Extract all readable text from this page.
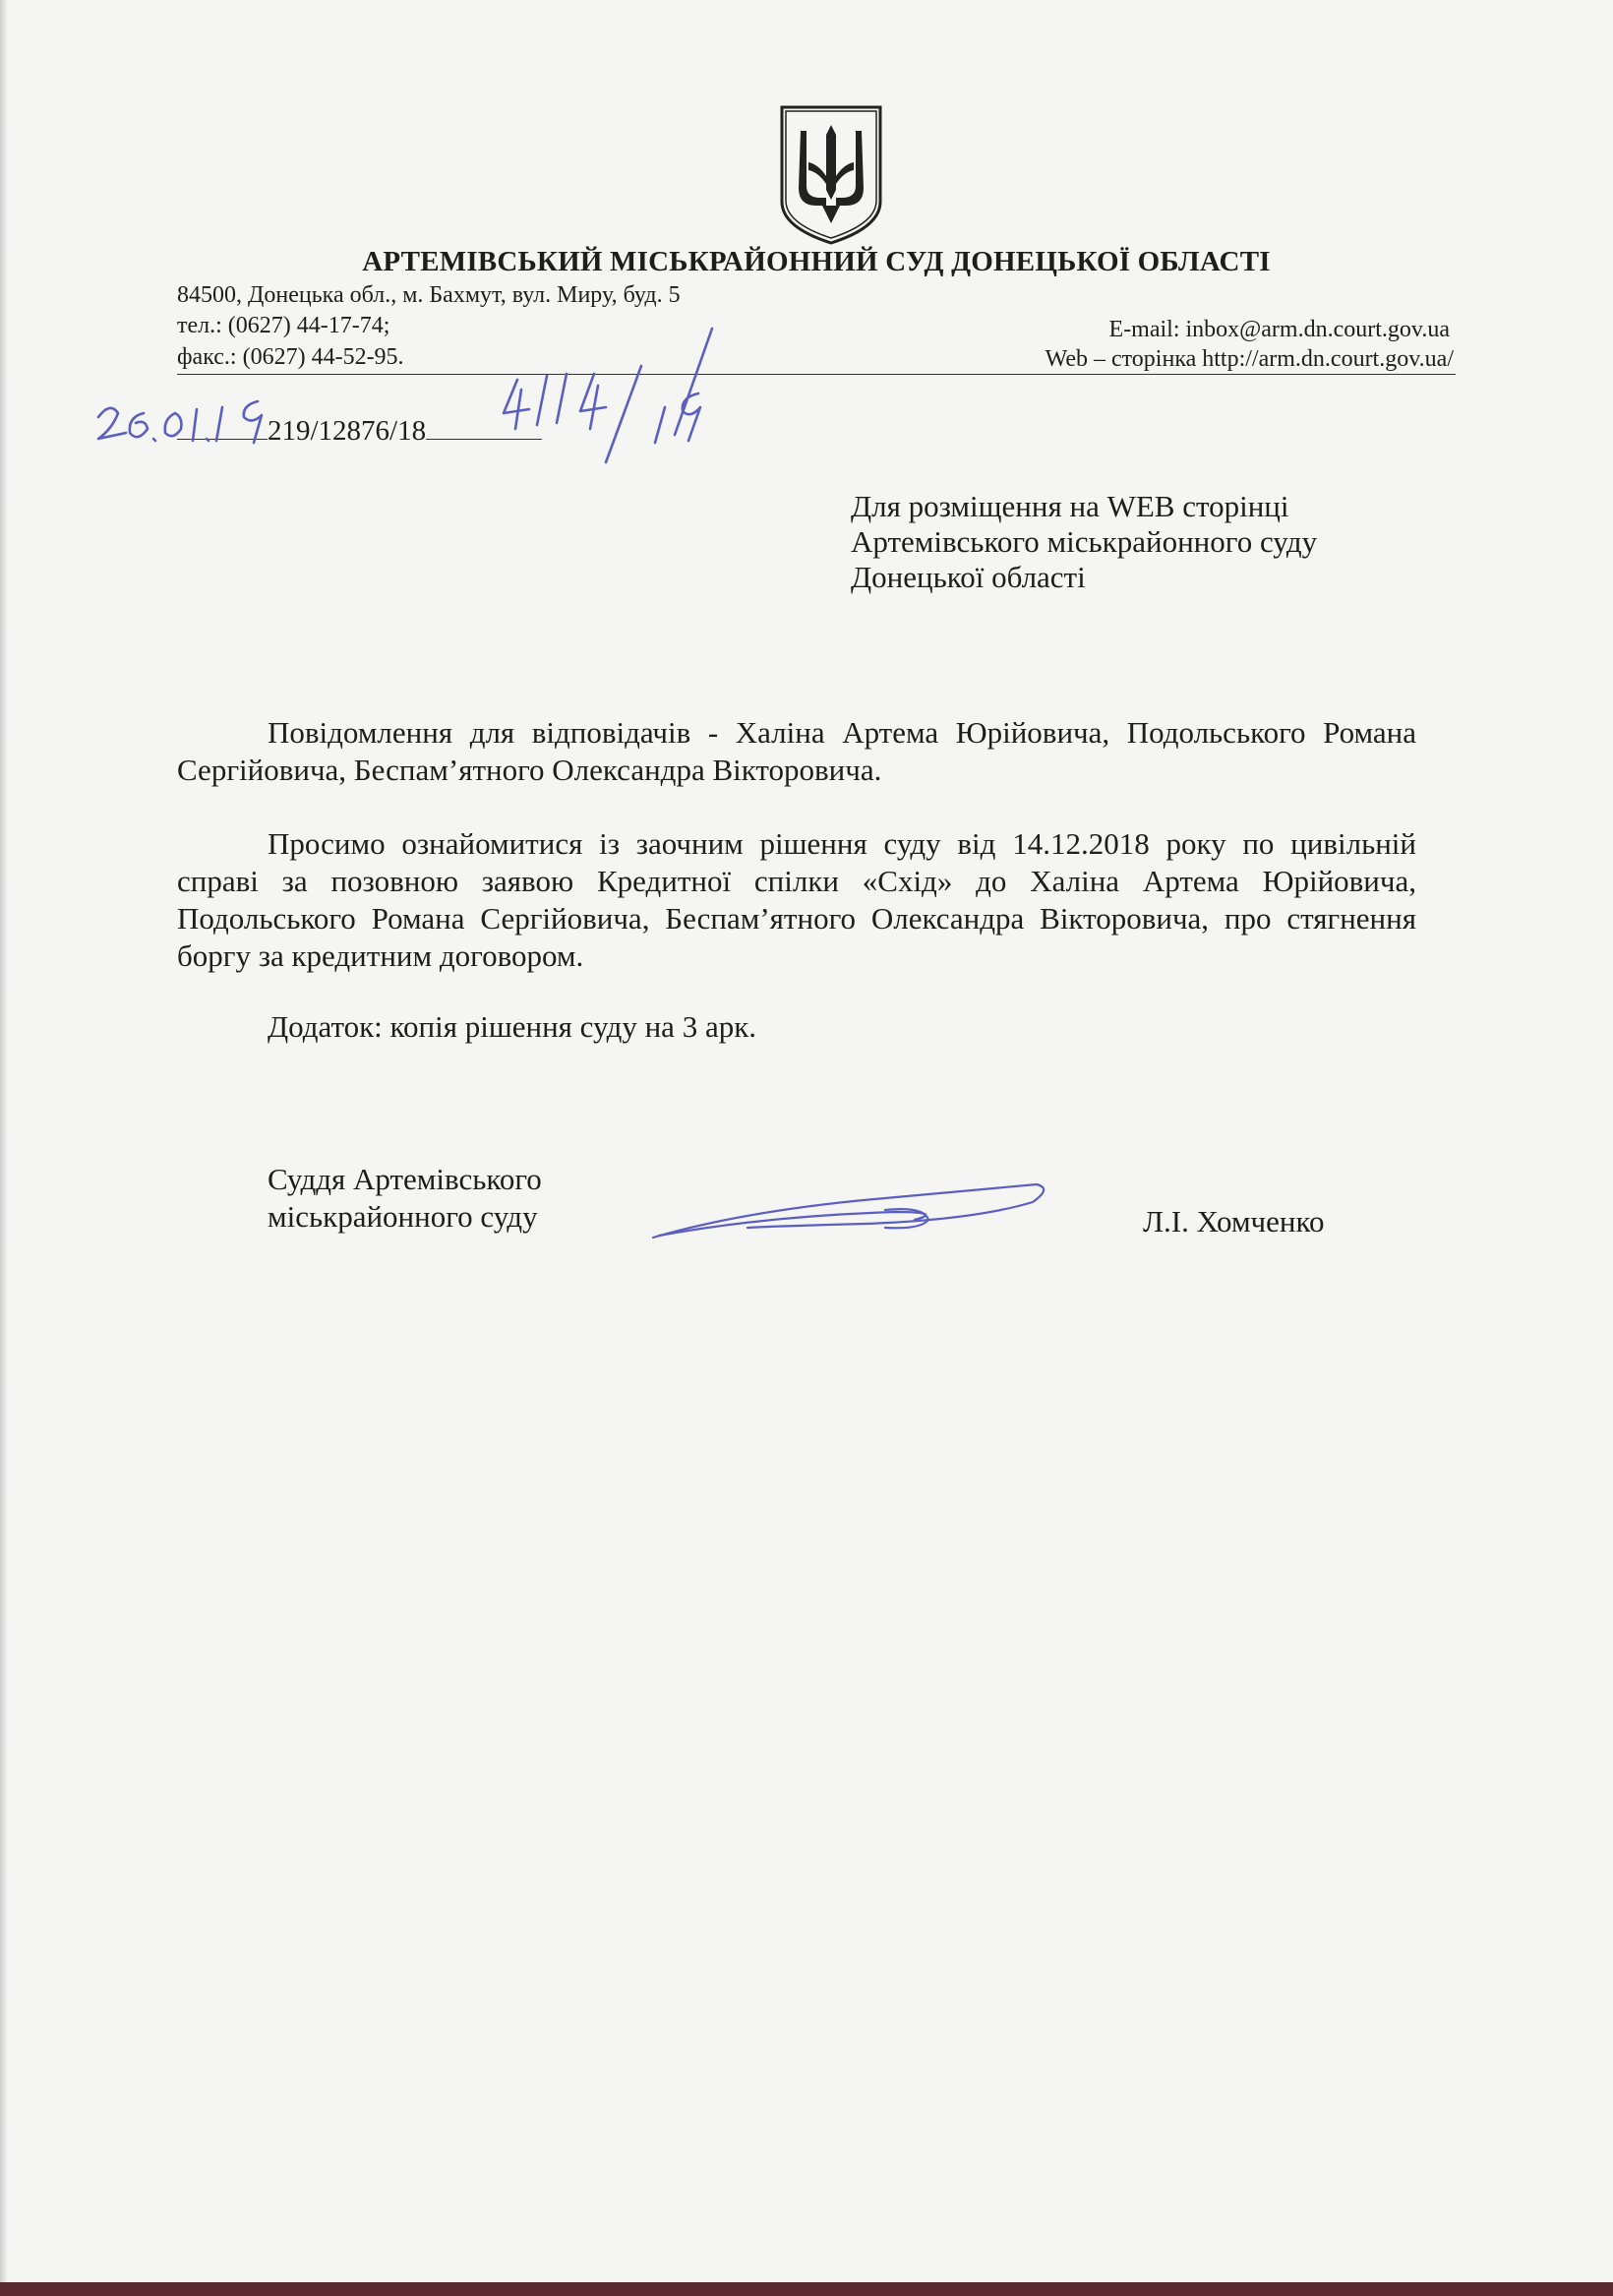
АРТЕМІВСЬКИЙ МІСЬКРАЙОННИЙ СУД ДОНЕЦЬКОЇ ОБЛАСТІ
84500, Донецька обл., м. Бахмут, вул. Миру, буд. 5
тел.: (0627) 44-17-74;	E-mail: inbox@arm.dn.court.gov.ua
факс.: (0627) 44-52-95.	Web – сторінка http://arm.dn.court.gov.ua/
219/12876/18
Для розміщення на WEB сторінці
Артемівського міськрайонного суду
Донецької області
Повідомлення для відповідачів - Халіна Артема Юрійовича, Подольського Романа Сергійовича, Беспам’ятного Олександра Вікторовича.
Просимо ознайомитися із заочним рішення суду від 14.12.2018 року по цивільній справі за позовною заявою Кредитної спілки «Схід» до Халіна Артема Юрійовича, Подольського Романа Сергійовича, Беспам’ятного Олександра Вікторовича, про стягнення боргу за кредитним договором.
Додаток: копія рішення суду на 3 арк.
Суддя Артемівського
міськрайонного суду	Л.І. Хомченко
